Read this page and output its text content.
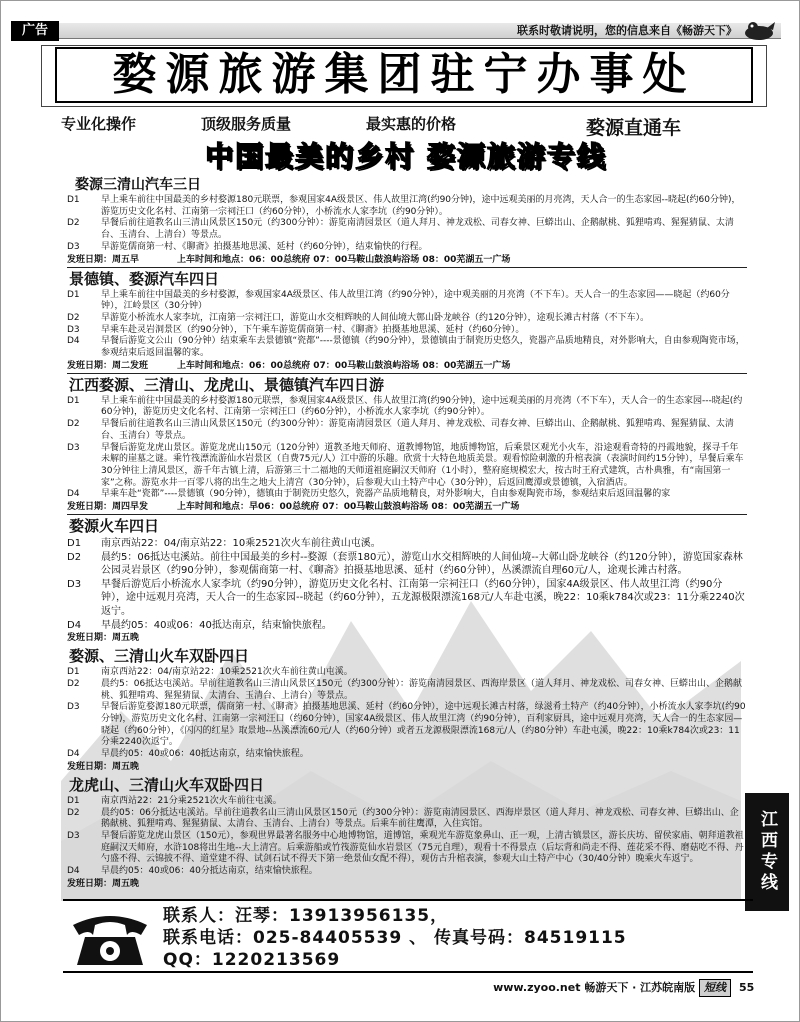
广告	联系时敬请说明，您的信息来自《畅游天下》
婺源旅游集团驻宁办事处
专业化操作	顶级服务质量	最实惠的价格	婺源直通车
中国最美的乡村 婺源旅游专线
婺源三清山汽车三日
D1	早上乘车前往中国最美的乡村婺源180元联票，参观国家4A级景区、伟人故里江湾(约90分钟)，途中远观美丽的月亮湾，天人合一的生态家园--晓起(约60分钟)，游览历史文化名村、江南第一宗祠汪口（约60分钟），小桥流水人家李坑（约90分钟）。
D2	早餐后前往道教名山三清山风景区150元（约300分钟）：游览南清园景区（道人拜月、神龙戏松、司春女神、巨蟒出山、企鹅献桃、狐狸啃鸡、猩猩猜鼠、太清台、玉清台、上清台）等景点。
D3	早游览儒商第一村、《聊斋》拍摄基地思溪、延村（约60分钟），结束愉快的行程。
发班日期：周五早	上车时间和地点： 06：00总统府 07：00马鞍山鼓浪屿浴场 08：00芜湖五一广场
景德镇、婺源汽车四日
D1	早上乘车前往中国最美的乡村婺源，参观国家4A级景区、伟人故里江湾（约90分钟），途中观美丽的月亮湾（不下车）。天人合一的生态家园——晓起（约60分钟），江岭景区（30分钟）
D2	早游览小桥流水人家李坑，江南第一宗祠汪口，游览山水交相辉映的人间仙境大鄣山卧龙峡谷（约120分钟），途观长滩古村落（不下车）。
D3	早乘车赴灵岩洞景区（约90分钟），下午乘车游览儒商第一村、《聊斋》拍摄基地思溪、延村（约60分钟）。
D4	早餐后游览文公山（90分钟）结束乘车去景德镇“瓷都”----景德镇（约90分钟），景德镇由于制瓷历史悠久，瓷器产品质地精良，对外影响大，自由参观陶瓷市场，参观结束后返回温馨的家。
发班日期：周二发班	上车时间和地点： 06：00总统府 07：00马鞍山鼓浪屿浴场 08：00芜湖五一广场
江西婺源、三清山、龙虎山、景德镇汽车四日游
D1	早上乘车前往中国最美的乡村婺源180元联票，参观国家4A级景区、伟人故里江湾(约90分钟)，途中远观美丽的月亮湾（不下车），天人合一的生态家园---晓起(约60分钟)，游览历史文化名村、江南第一宗祠汪口（约60分钟），小桥流水人家李坑（约90分钟）。
D2	早餐后前往道教名山三清山风景区150元（约300分钟）：游览南清园景区（道人拜月、神龙戏松、司春女神、巨蟒出山、企鹅献桃、狐狸啃鸡、猩猩猜鼠、太清台、玉清台）等景点。
D3	早餐后游览龙虎山景区。游览龙虎山150元（120分钟）道教圣地天师府、道教博物馆，地质博物馆，后乘景区观光小火车，沿途观看奇特的丹霞地貌，探寻千年未解的崖墓之谜。乘竹筏漂流游仙水岩景区（自费75元/人）江中游的乐趣。欣赏十大特色地质美景。观看惊险刺激的升棺表演（表演时间约15分钟），早餐后乘车30分钟往上清风景区，游千年古镇上清，后游第三十二福地的天师道祖庭嗣汉天师府（1小时），整府庭规模宏大，按古时王府式建筑，古朴典雅，有“南国第一家”之称。游览水井一百零八将的出生之地大上清宫（30分钟），后参观大山土特产中心（30分钟），后返回鹰潭或景德镇，入宿酒店。
D4	早乘车赴“瓷都”----景德镇（90分钟），德镇由于制瓷历史悠久，瓷器产品质地精良，对外影响大，自由参观陶瓷市场，参观结束后返回温馨的家
发班日期：周四早发	上车时间和地点： 早06：00总统府 07：00马鞍山鼓浪屿浴场 08：00芜湖五一广场
婺源火车四日
D1	南京西站22：04/南京站22：10乘2521次火车前往黄山屯溪。
D2	晨约5：06抵达屯溪站。前往中国最美的乡村--婺源（套票180元），游览山水交相辉映的人间仙境--大鄣山卧龙峡谷（约120分钟），游览国家森林公园灵岩景区（约90分钟），参观儒商第一村、《聊斋》拍摄基地思溪、延村（约60分钟），丛溪漂流自理60元/人，途观长滩古村落。
D3	早餐后游览后小桥流水人家李坑（约90分钟），游览历史文化名村、江南第一宗祠汪口（约60分钟），国家4A级景区、伟人故里江湾（约90分钟），途中远观月亮湾，天人合一的生态家园--晓起（约60分钟），五龙源极限漂流168元/人车赴屯溪，晚22：10乘k784次或23：11分乘2240次返宁。
D4	早晨约05：40或06：40抵达南京，结束愉快旅程。
发班日期：周五晚
婺源、三清山火车双卧四日
D1	南京西站22：04/南京站22：10乘2521次火车前往黄山屯溪。
D2	晨约5：06抵达屯溪站。早前往道教名山三清山风景区150元（约300分钟）：游览南清园景区、西海岸景区（道人拜月、神龙戏松、司春女神、巨蟒出山、企鹅献桃、狐狸啃鸡、猩猩猜鼠、太清台、玉清台、上清台）等景点。
D3	早餐后游览婺源180元联票，儒商第一村、《聊斋》拍摄基地思溪、延村（约60分钟），途中远观长滩古村落，绿滋肴土特产（约40分钟），小桥流水人家李坑(约90分钟)，游览历史文化名村、江南第一宗祠汪口（约60分钟），国家4A级景区、伟人故里江湾（约90分钟），百利家厨具，途中远观月亮湾，天人合一的生态家园—晓起（约60分钟），《闪闪的红星》取景地--丛溪漂流60元/人（约60分钟）或者五龙源极限漂流168元/人（约80分钟）车赴屯溪，晚22：10乘k784次或23：11分乘2240次返宁。
D4	早晨约05：40或06：40抵达南京，结束愉快旅程。
发班日期：周五晚
龙虎山、三清山火车双卧四日
D1	南京西站22：21分乘2521次火车前往屯溪。
D2	晨约05：06分抵达屯溪站。早前往道教名山三清山风景区150元（约300分钟）：游览南清园景区、西海岸景区（道人拜月、神龙戏松、司春女神、巨蟒出山、企鹅献桃、狐狸啃鸡、猩猩猜鼠、太清台、玉清台、上清台）等景点。后乘车前往鹰潭，入住宾馆。
D3	早餐后游览龙虎山景区（150元），参观世界最著名服务中心地博物馆，道博馆，乘观光车游览象鼻山、正一观，上清古镇景区，游长庆坊、留侯家庙、朝拜道教祖庭嗣汉天师府，水浒108将出生地--大上清宫。后乘游船或竹筏游览仙水岩景区（75元自理），观看十不得景点（后坛背和尚走不得、莲花采不得、磨菇吃不得、丹勺盛不得、云锦披不得、道堂建不得、试剑石试不得天下第一绝景仙女配不得），观仿古升棺表演，参观大山土特产中心（30/40分钟）晚乘火车返宁。
D4	早晨约05：40或06：40分抵达南京，结束愉快旅程。
发班日期：周五晚	江西专线
联系人：汪琴：13913956135，
联系电话：025-84405539 、 传真号码：84519115
QQ：1220213569
www.zyoo.net 畅游天下 · 江苏皖南版 短线	55
